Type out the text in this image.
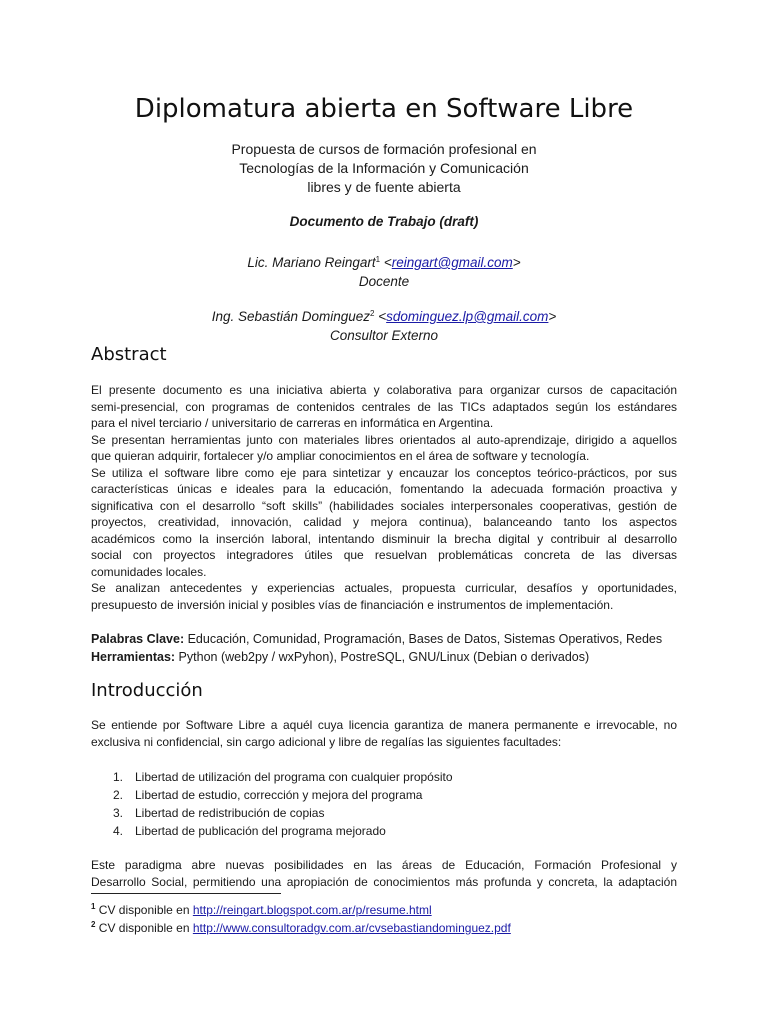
Diplomatura abierta en Software Libre
Propuesta de cursos de formación profesional en
Tecnologías de la Información y Comunicación
libres y de fuente abierta
Documento de Trabajo (draft)
Lic. Mariano Reingart$^1$ <reingart@gmail.com>
Docente
Ing. Sebastián Dominguez$^2$ <sdominguez.lp@gmail.com>
Consultor Externo
Abstract
El presente documento es una iniciativa abierta y colaborativa para organizar cursos de capacitación
semi-presencial, con programas de contenidos centrales de las TICs adaptados según los estándares
para el nivel terciario / universitario de carreras en informática en Argentina.
Se presentan herramientas junto con materiales libres orientados al auto-aprendizaje, dirigido a aquellos
que quieran adquirir, fortalecer y/o ampliar conocimientos en el área de software y tecnología.
Se utiliza el software libre como eje para sintetizar y encauzar los conceptos teórico-prácticos, por sus
características únicas e ideales para la educación, fomentando la adecuada formación proactiva y
significativa con el desarrollo “soft skills” (habilidades sociales interpersonales cooperativas, gestión de
proyectos, creatividad, innovación, calidad y mejora continua), balanceando tanto los aspectos
académicos como la inserción laboral, intentando disminuir la brecha digital y contribuir al desarrollo
social con proyectos integradores útiles que resuelvan problemáticas concreta de las diversas
comunidades locales.
Se analizan antecedentes y experiencias actuales, propuesta curricular, desafíos y oportunidades,
presupuesto de inversión inicial y posibles vías de financiación e instrumentos de implementación.
Palabras Clave: Educación, Comunidad, Programación, Bases de Datos, Sistemas Operativos, Redes
Herramientas: Python (web2py / wxPyhon), PostreSQL, GNU/Linux (Debian o derivados)
Introducción
Se entiende por Software Libre a aquél cuya licencia garantiza de manera permanente e irrevocable, no
exclusiva ni confidencial, sin cargo adicional y libre de regalías las siguientes facultades:
1. Libertad de utilización del programa con cualquier propósito
2. Libertad de estudio, corrección y mejora del programa
3. Libertad de redistribución de copias
4. Libertad de publicación del programa mejorado
Este paradigma abre nuevas posibilidades en las áreas de Educación, Formación Profesional y
Desarrollo Social, permitiendo una apropiación de conocimientos más profunda y concreta, la adaptación
$^1$ CV disponible en http://reingart.blogspot.com.ar/p/resume.html
$^2$ CV disponible en http://www.consultoradgv.com.ar/cvsebastiandominguez.pdf
